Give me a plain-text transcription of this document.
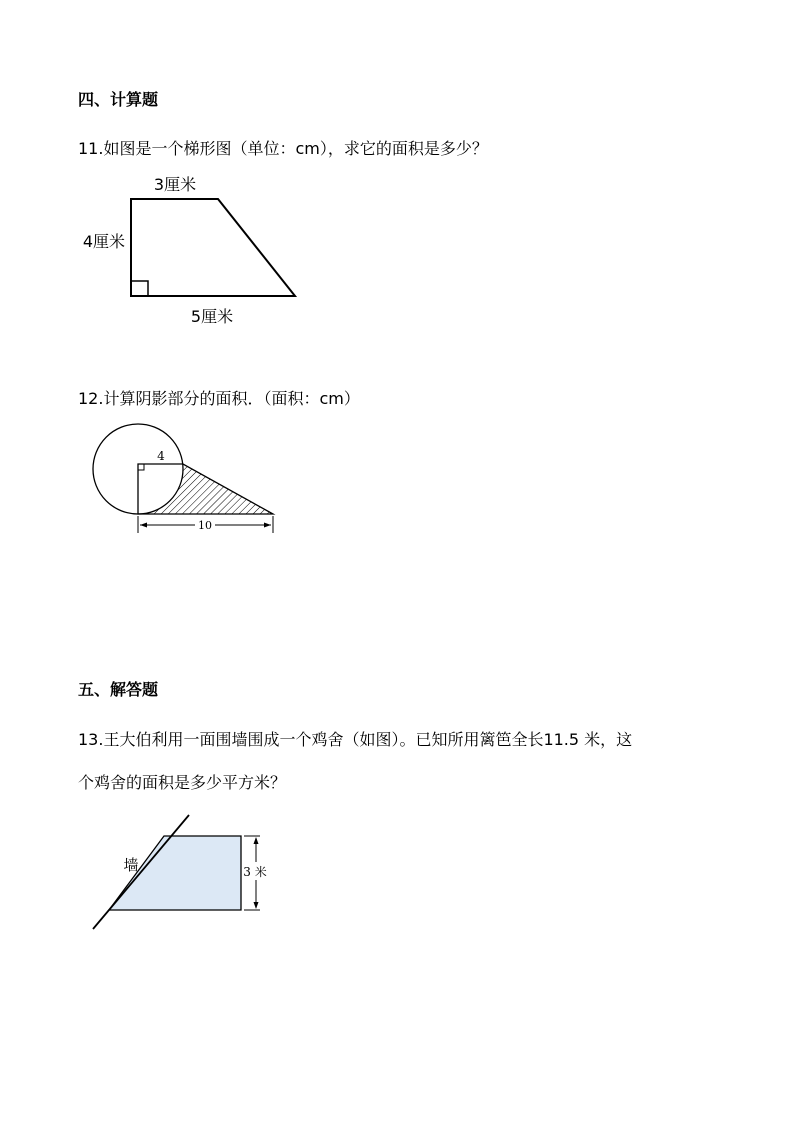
四、计算题
11.如图是一个梯形图（单位：cm），求它的面积是多少？
3厘米
4厘米
5厘米
12.计算阴影部分的面积．（面积：cm）
4
10
五、解答题
13.王大伯利用一面围墙围成一个鸡舍（如图）。已知所用篱笆全长11.5 米，这
个鸡舍的面积是多少平方米？
墙	3 米
